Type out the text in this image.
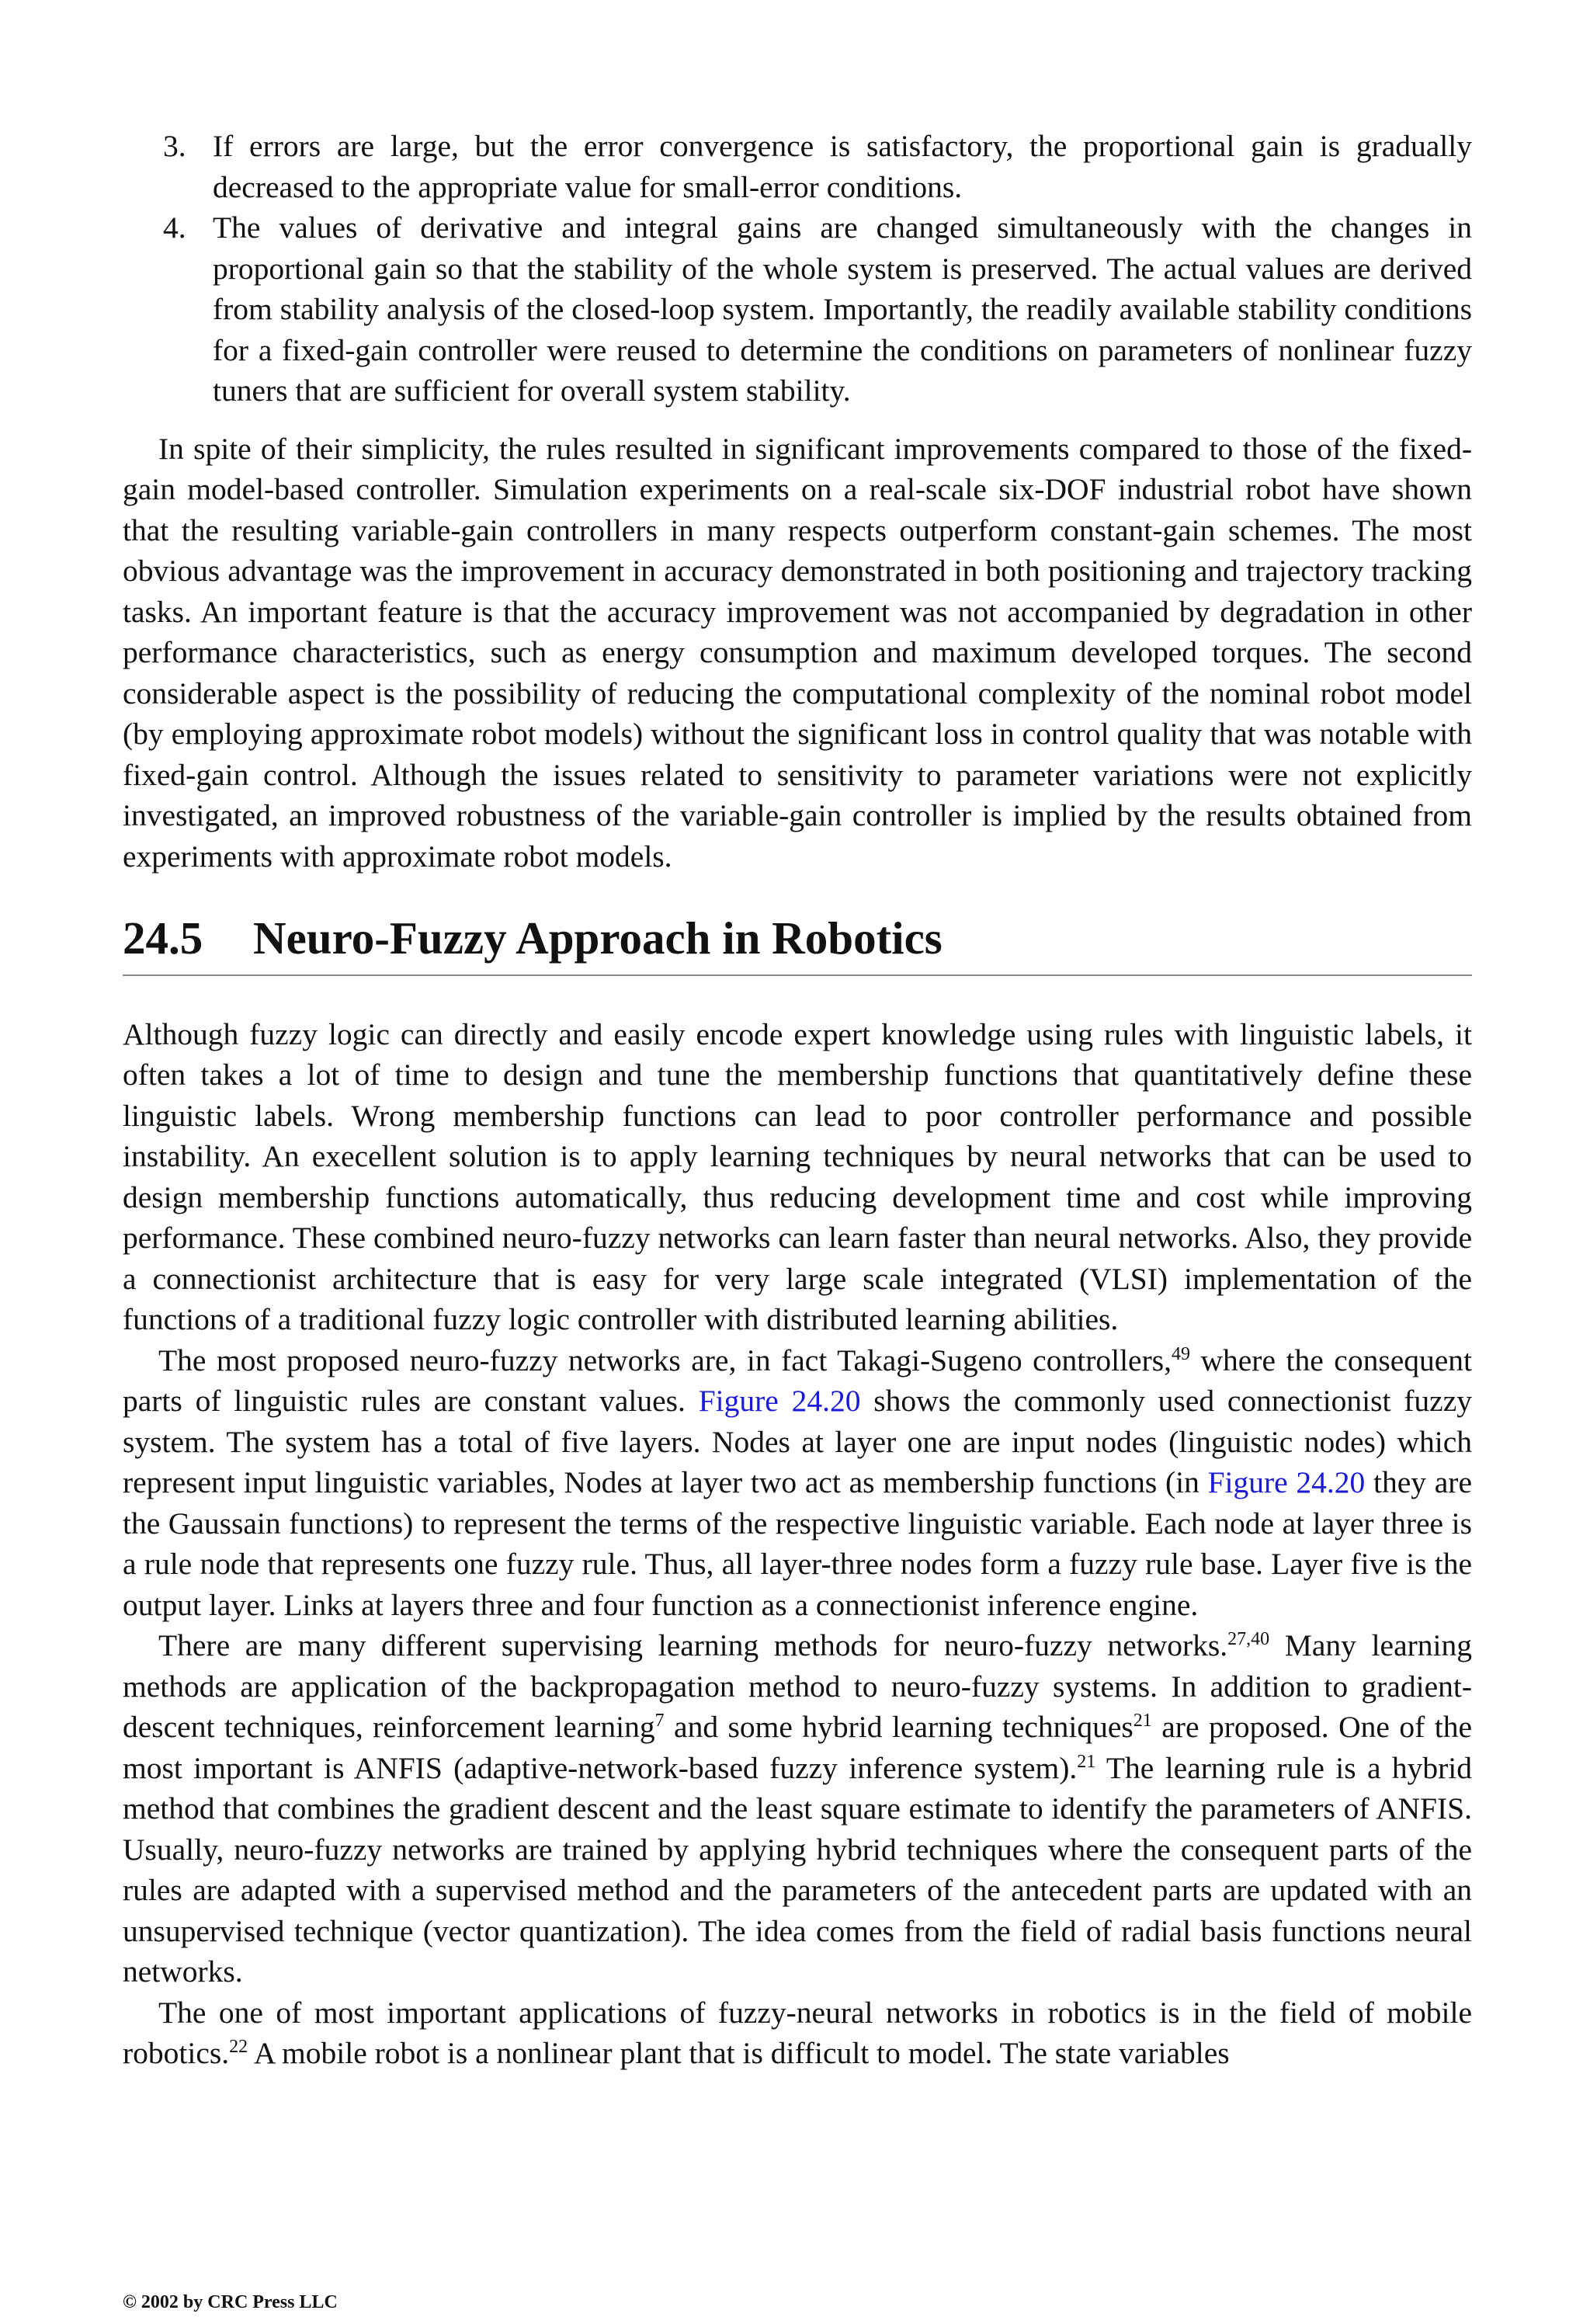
3. If errors are large, but the error convergence is satisfactory, the proportional gain is gradually decreased to the appropriate value for small-error conditions.
4. The values of derivative and integral gains are changed simultaneously with the changes in proportional gain so that the stability of the whole system is preserved. The actual values are derived from stability analysis of the closed-loop system. Importantly, the readily available stability conditions for a fixed-gain controller were reused to determine the conditions on parameters of nonlinear fuzzy tuners that are sufficient for overall system stability.

In spite of their simplicity, the rules resulted in significant improvements compared to those of the fixed-gain model-based controller. Simulation experiments on a real-scale six-DOF industrial robot have shown that the resulting variable-gain controllers in many respects outperform constant-gain schemes. The most obvious advantage was the improvement in accuracy demonstrated in both positioning and trajectory tracking tasks. An important feature is that the accuracy improvement was not accompanied by degradation in other performance characteristics, such as energy consumption and maximum developed torques. The second considerable aspect is the possibility of reducing the computational complexity of the nominal robot model (by employing approximate robot models) without the significant loss in control quality that was notable with fixed-gain control. Although the issues related to sensitivity to parameter variations were not explicitly investigated, an improved robustness of the variable-gain controller is implied by the results obtained from experiments with approximate robot models.

24.5 Neuro-Fuzzy Approach in Robotics

Although fuzzy logic can directly and easily encode expert knowledge using rules with linguistic labels, it often takes a lot of time to design and tune the membership functions that quantitatively define these linguistic labels. Wrong membership functions can lead to poor controller performance and possible instability. An execellent solution is to apply learning techniques by neural networks that can be used to design membership functions automatically, thus reducing development time and cost while improving performance. These combined neuro-fuzzy networks can learn faster than neural networks. Also, they provide a connectionist architecture that is easy for very large scale integrated (VLSI) implementation of the functions of a traditional fuzzy logic controller with distributed learning abilities.

The most proposed neuro-fuzzy networks are, in fact Takagi-Sugeno controllers,$^{49}$ where the consequent parts of linguistic rules are constant values. Figure 24.20 shows the commonly used connectionist fuzzy system. The system has a total of five layers. Nodes at layer one are input nodes (linguistic nodes) which represent input linguistic variables, Nodes at layer two act as membership functions (in Figure 24.20 they are the Gaussain functions) to represent the terms of the respective linguistic variable. Each node at layer three is a rule node that represents one fuzzy rule. Thus, all layer-three nodes form a fuzzy rule base. Layer five is the output layer. Links at layers three and four function as a connectionist inference engine.

There are many different supervising learning methods for neuro-fuzzy networks.$^{27,40}$ Many learning methods are application of the backpropagation method to neuro-fuzzy systems. In addition to gradient-descent techniques, reinforcement learning$^7$ and some hybrid learning techniques$^{21}$ are proposed. One of the most important is ANFIS (adaptive-network-based fuzzy inference system).$^{21}$ The learning rule is a hybrid method that combines the gradient descent and the least square estimate to identify the parameters of ANFIS. Usually, neuro-fuzzy networks are trained by applying hybrid techniques where the consequent parts of the rules are adapted with a supervised method and the parameters of the antecedent parts are updated with an unsupervised technique (vector quantization). The idea comes from the field of radial basis functions neural networks.

The one of most important applications of fuzzy-neural networks in robotics is in the field of mobile robotics.$^{22}$ A mobile robot is a nonlinear plant that is difficult to model. The state variables

© 2002 by CRC Press LLC
